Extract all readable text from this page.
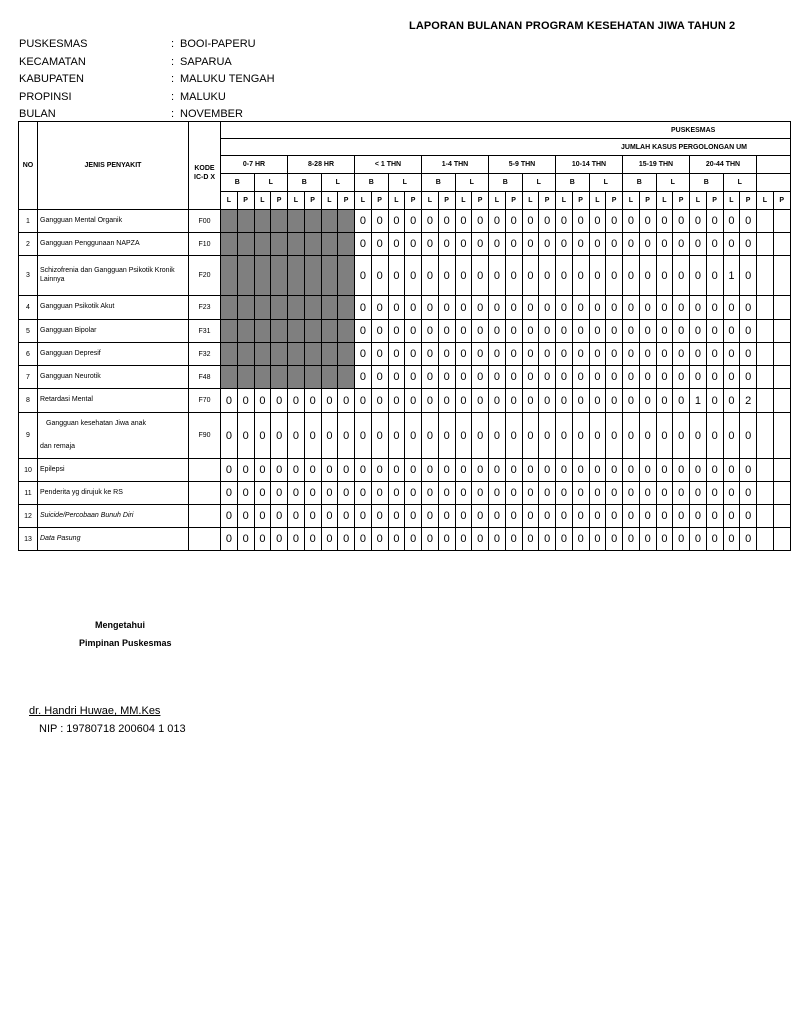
LAPORAN BULANAN PROGRAM KESEHATAN JIWA TAHUN 2
PUSKESMAS	: BOOI-PAPERU
KECAMATAN	: SAPARUA
KABUPATEN	: MALUKU TENGAH
PROPINSI	: MALUKU
BULAN	: NOVEMBER
NO	JENIS PENYAKIT	KODE	PUSKESMAS																																	
			JUMLAH KASUS PERGOLONGAN UM																																	
			0-7 HR				8-28 HR				< 1 THN				1-4 THN				5-9 THN				10-14 THN				15-19 THN				20-44 THN					
		IC-D X	B		L		B		L		B		L		B		L		B		L		B		L		B		L		B		L			
			L	P	L	P	L	P	L	P	L	P	L	P	L	P	L	P	L	P	L	P	L	P	L	P	L	P	L	P	L	P	L	P	L	P
1	Gangguan Mental Organik	F00									0	0	0	0	0	0	0	0	0	0	0	0	0	0	0	0	0	0	0	0	0	0	0	0		
2	Gangguan Penggunaan NAPZA	F10									0	0	0	0	0	0	0	0	0	0	0	0	0	0	0	0	0	0	0	0	0	0	0	0		
3	Schizofrenia dan Gangguan Psikotik Kronik Lainnya	F20									0	0	0	0	0	0	0	0	0	0	0	0	0	0	0	0	0	0	0	0	0	0	1	0		
4	Gangguan Psikotik Akut	F23									0	0	0	0	0	0	0	0	0	0	0	0	0	0	0	0	0	0	0	0	0	0	0	0		
5	Gangguan Bipolar	F31									0	0	0	0	0	0	0	0	0	0	0	0	0	0	0	0	0	0	0	0	0	0	0	0		
6	Gangguan Depresif	F32									0	0	0	0	0	0	0	0	0	0	0	0	0	0	0	0	0	0	0	0	0	0	0	0		
7	Gangguan Neurotik	F48									0	0	0	0	0	0	0	0	0	0	0	0	0	0	0	0	0	0	0	0	0	0	0	0		
8	Retardasi Mental	F70	0	0	0	0	0	0	0	0	0	0	0	0	0	0	0	0	0	0	0	0	0	0	0	0	0	0	0	0	1	0	0	2		
9	Gangguan kesehatan Jiwa anak
dan remaja	F90	0	0	0	0	0	0	0	0	0	0	0	0	0	0	0	0	0	0	0	0	0	0	0	0	0	0	0	0	0	0	0	0		
10	Epilepsi		0	0	0	0	0	0	0	0	0	0	0	0	0	0	0	0	0	0	0	0	0	0	0	0	0	0	0	0	0	0	0	0		
11	Penderita yg dirujuk ke RS		0	0	0	0	0	0	0	0	0	0	0	0	0	0	0	0	0	0	0	0	0	0	0	0	0	0	0	0	0	0	0	0		
12	Suicide/Percobaan Bunuh Diri		0	0	0	0	0	0	0	0	0	0	0	0	0	0	0	0	0	0	0	0	0	0	0	0	0	0	0	0	0	0	0	0		
13	Data Pasung		0	0	0	0	0	0	0	0	0	0	0	0	0	0	0	0	0	0	0	0	0	0	0	0	0	0	0	0	0	0	0	0		
Mengetahui
Pimpinan Puskesmas
dr. Handri Huwae, MM.Kes
NIP : 19780718 200604 1 013
